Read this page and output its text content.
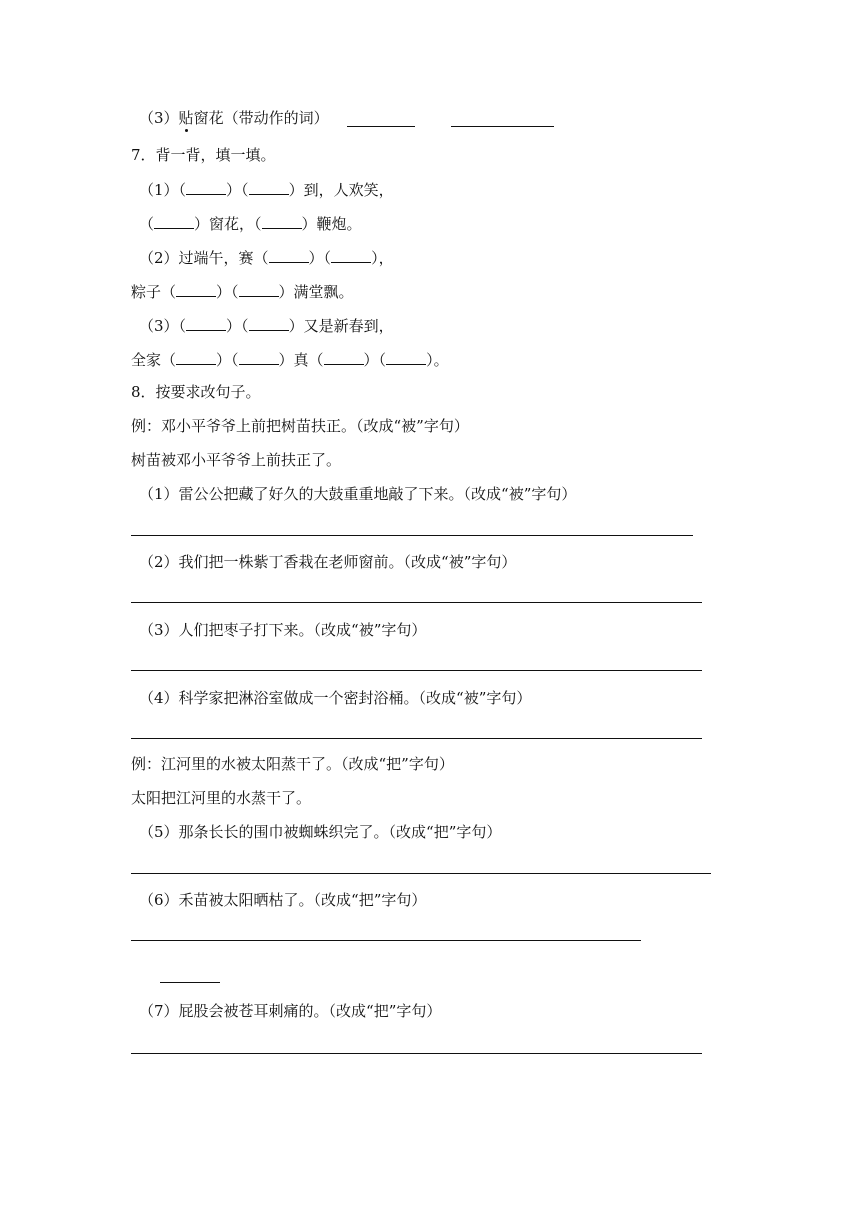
（3）贴窗花（带动作的词）
7．背一背，填一填。
（1）（	）（	）到，人欢笑，
（	）窗花，（	）鞭炮。
（2）过端午，赛（	）（	），
粽子（	）（	）满堂飘。
（3）（	）（	）又是新春到，
全家（	）（	）真（	）（	）。
8．按要求改句子。
例：邓小平爷爷上前把树苗扶正。（改成“被”字句）
树苗被邓小平爷爷上前扶正了。
（1）雷公公把藏了好久的大鼓重重地敲了下来。（改成“被”字句）
（2）我们把一株紫丁香栽在老师窗前。（改成“被”字句）
（3）人们把枣子打下来。（改成“被”字句）
（4）科学家把淋浴室做成一个密封浴桶。（改成“被”字句）
例：江河里的水被太阳蒸干了。（改成“把”字句）
太阳把江河里的水蒸干了。
（5）那条长长的围巾被蜘蛛织完了。（改成“把”字句）
（6）禾苗被太阳晒枯了。（改成“把”字句）
（7）屁股会被苍耳刺痛的。（改成“把”字句）
